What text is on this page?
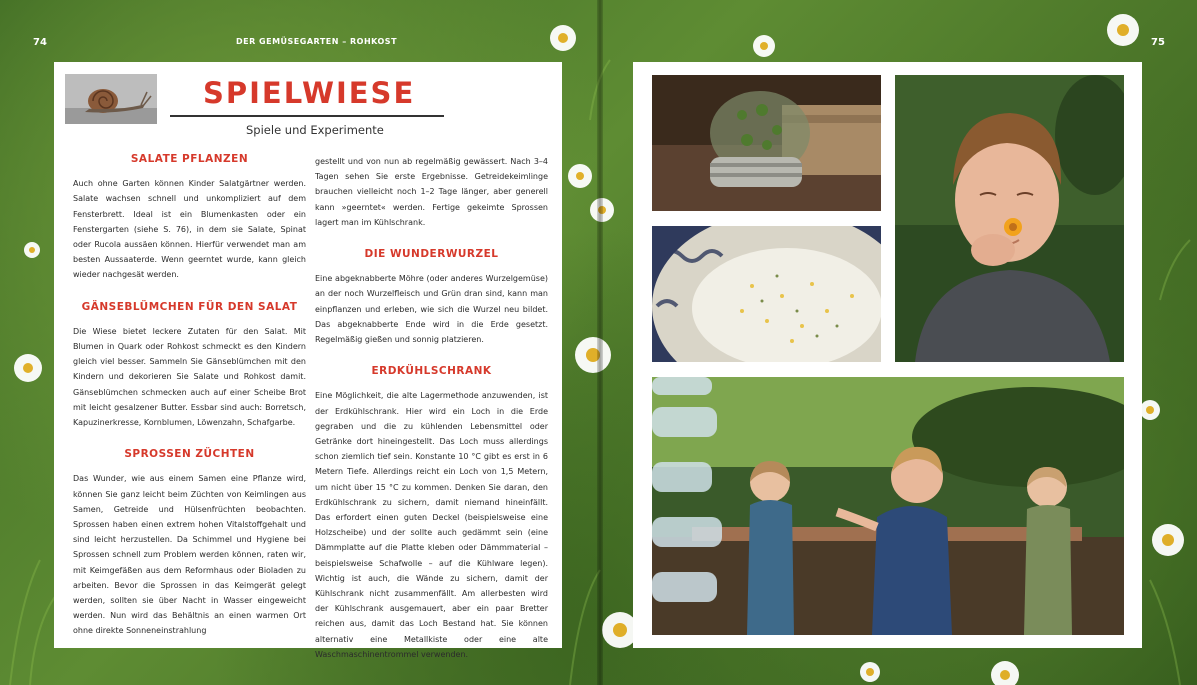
74	DER GEMÜSEGARTEN – ROHKOST	75
SPIELWIESE
Spiele und Experimente
SALATE PFLANZEN

Auch ohne Garten können Kinder Salatgärtner werden. Salate wachsen schnell und unkompliziert auf dem Fensterbrett. Ideal ist ein Blumenkasten oder ein Fenstergarten (siehe S. 76), in dem sie Salate, Spinat oder Rucola aussäen können. Hierfür verwendet man am besten Aussaaterde. Wenn geerntet wurde, kann gleich wieder nachgesät werden.

GÄNSEBLÜMCHEN FÜR DEN SALAT

Die Wiese bietet leckere Zutaten für den Salat. Mit Blumen in Quark oder Rohkost schmeckt es den Kindern gleich viel besser. Sammeln Sie Gänseblümchen mit den Kindern und dekorieren Sie Salate und Rohkost damit. Gänseblümchen schmecken auch auf einer Scheibe Brot mit leicht gesalzener Butter. Essbar sind auch: Borretsch, Kapuzinerkresse, Kornblumen, Löwenzahn, Schafgarbe.

SPROSSEN ZÜCHTEN

Das Wunder, wie aus einem Samen eine Pflanze wird, können Sie ganz leicht beim Züchten von Keimlingen aus Samen, Getreide und Hülsenfrüchten beobachten. Sprossen haben einen extrem hohen Vitalstoffgehalt und sind leicht herzustellen. Da Schimmel und Hygiene bei Sprossen schnell zum Problem werden können, raten wir, mit Keimgefäßen aus dem Reformhaus oder Bioladen zu arbeiten. Bevor die Sprossen in das Keimgerät gelegt werden, sollten sie über Nacht in Wasser eingeweicht werden. Nun wird das Behältnis an einen warmen Ort ohne direkte Sonneneinstrahlung

gestellt und von nun ab regelmäßig gewässert. Nach 3–4 Tagen sehen Sie erste Ergebnisse. Getreidekeimlinge brauchen vielleicht noch 1–2 Tage länger, aber generell kann »geerntet« werden. Fertige gekeimte Sprossen lagert man im Kühlschrank.

DIE WUNDERWURZEL

Eine abgeknabberte Möhre (oder anderes Wurzelgemüse) an der noch Wurzelfleisch und Grün dran sind, kann man einpflanzen und erleben, wie sich die Wurzel neu bildet. Das abgeknabberte Ende wird in die Erde gesetzt. Regelmäßig gießen und sonnig platzieren.

ERDKÜHLSCHRANK

Eine Möglichkeit, die alte Lagermethode anzuwenden, ist der Erdkühlschrank. Hier wird ein Loch in die Erde gegraben und die zu kühlenden Lebensmittel oder Getränke dort hineingestellt. Das Loch muss allerdings schon ziemlich tief sein. Konstante 10 °C gibt es erst in 6 Metern Tiefe. Allerdings reicht ein Loch von 1,5 Metern, um nicht über 15 °C zu kommen. Denken Sie daran, den Erdkühlschrank zu sichern, damit niemand hineinfällt. Das erfordert einen guten Deckel (beispielsweise eine Holzscheibe) und der sollte auch gedämmt sein (eine Dämmplatte auf die Platte kleben oder Dämmmaterial – beispielsweise Schafwolle – auf die Kühlware legen). Wichtig ist auch, die Wände zu sichern, damit der Kühlschrank nicht zusammenfällt. Am allerbesten wird der Kühlschrank ausgemauert, aber ein paar Bretter reichen aus, damit das Loch Bestand hat. Sie können alternativ eine Metallkiste oder eine alte Waschmaschinentrommel verwenden.
